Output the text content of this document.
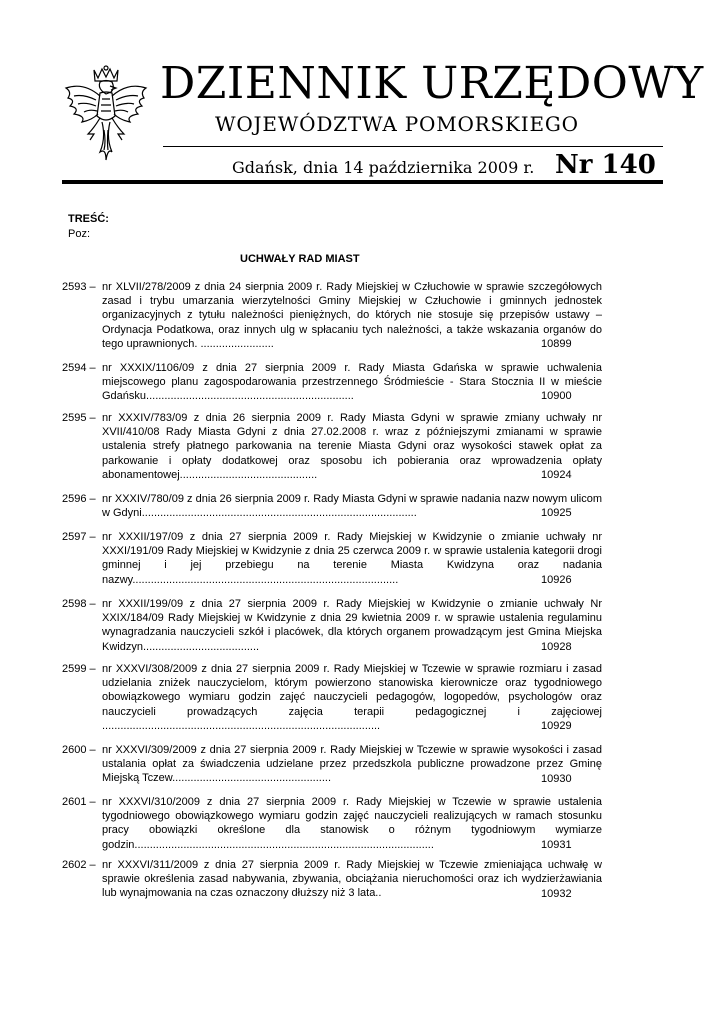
DZIENNIK URZĘDOWY
WOJEWÓDZTWA POMORSKIEGO
Gdańsk, dnia 14 października 2009 r. Nr 140
TREŚĆ:
Poz:
UCHWAŁY RAD MIAST
2593 – nr XLVII/278/2009 z dnia 24 sierpnia 2009 r. Rady Miejskiej w Człuchowie w sprawie szczegółowych zasad i trybu umarzania wierzytelności Gminy Miejskiej w Człuchowie i gminnych jednostek organizacyjnych z tytułu należności pieniężnych, do których nie stosuje się przepisów ustawy – Ordynacja Podatkowa, oraz innych ulg w spłacaniu tych należności, a także wskazania organów do tego uprawnionych. ........................	10899
2594 – nr XXXIX/1106/09 z dnia 27 sierpnia 2009 r. Rady Miasta Gdańska w sprawie uchwalenia miejscowego planu zagospodarowania przestrzennego Śródmieście - Stara Stocznia II w mieście Gdańsku....................................................................	10900
2595 – nr XXXIV/783/09 z dnia 26 sierpnia 2009 r. Rady Miasta Gdyni w sprawie zmiany uchwały nr XVII/410/08 Rady Miasta Gdyni z dnia 27.02.2008 r. wraz z późniejszymi zmianami w sprawie ustalenia strefy płatnego parkowania na terenie Miasta Gdyni oraz wysokości stawek opłat za parkowanie i opłaty dodatkowej oraz sposobu ich pobierania oraz wprowadzenia opłaty abonamentowej.............................................	10924
2596 – nr XXXIV/780/09 z dnia 26 sierpnia 2009 r. Rady Miasta Gdyni w sprawie nadania nazw nowym ulicom w Gdyni..........................................................................................	10925
2597 – nr XXXII/197/09 z dnia 27 sierpnia 2009 r. Rady Miejskiej w Kwidzynie o zmianie uchwały nr XXXI/191/09 Rady Miejskiej w Kwidzynie z dnia 25 czerwca 2009 r. w sprawie ustalenia kategorii drogi gminnej i jej przebiegu na terenie Miasta Kwidzyna oraz nadania nazwy.......................................................................................	10926
2598 – nr XXXII/199/09 z dnia 27 sierpnia 2009 r. Rady Miejskiej w Kwidzynie o zmianie uchwały Nr XXIX/184/09 Rady Miejskiej w Kwidzynie z dnia 29 kwietnia 2009 r. w sprawie ustalenia regulaminu wynagradzania nauczycieli szkół i placówek, dla których organem prowadzącym jest Gmina Miejska Kwidzyn......................................	10928
2599 – nr XXXVI/308/2009 z dnia 27 sierpnia 2009 r. Rady Miejskiej w Tczewie w sprawie rozmiaru i zasad udzielania zniżek nauczycielom, którym powierzono stanowiska kierownicze oraz tygodniowego obowiązkowego wymiaru godzin zajęć nauczycieli pedagogów, logopedów, psychologów oraz nauczycieli prowadzących zajęcia terapii pedagogicznej i zajęciowej ...........................................................................................	10929
2600 – nr XXXVI/309/2009 z dnia 27 sierpnia 2009 r. Rady Miejskiej w Tczewie w sprawie wysokości i zasad ustalania opłat za świadczenia udzielane przez przedszkola publiczne prowadzone przez Gminę Miejską Tczew....................................................	10930
2601 – nr XXXVI/310/2009 z dnia 27 sierpnia 2009 r. Rady Miejskiej w Tczewie w sprawie ustalenia tygodniowego obowiązkowego wymiaru godzin zajęć nauczycieli realizujących w ramach stosunku pracy obowiązki określone dla stanowisk o różnym tygodniowym wymiarze godzin..................................................................................................	10931
2602 – nr XXXVI/311/2009 z dnia 27 sierpnia 2009 r. Rady Miejskiej w Tczewie zmieniająca uchwałę w sprawie określenia zasad nabywania, zbywania, obciążania nieruchomości oraz ich wydzierżawiania lub wynajmowania na czas oznaczony dłuższy niż 3 lata..	10932
